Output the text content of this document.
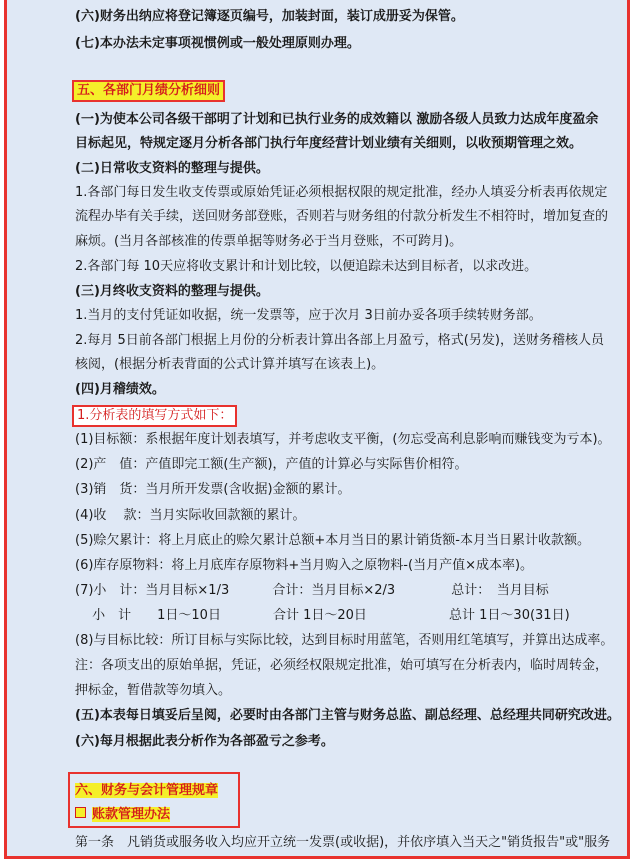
(六)财务出纳应将登记簿逐页编号，加装封面，装订成册妥为保管。
(七)本办法未定事项视惯例或一般处理原则办理。
五、各部门月绩分析细则
(一)为使本公司各级干部明了计划和已执行业务的成效籍以 激励各级人员致力达成年度盈余
目标起见，特规定逐月分析各部门执行年度经营计划业绩有关细则，以收预期管理之效。
(二)日常收支资料的整理与提供。
1.各部门每日发生收支传票或原始凭证必须根据权限的规定批准，经办人填妥分析表再依规定
流程办毕有关手续，送回财务部登账，否则若与财务组的付款分析发生不相符时，增加复查的
麻烦。(当月各部核准的传票单据等财务必于当月登账，不可跨月)。
2.各部门每 10天应将收支累计和计划比较，以便追踪未达到目标者，以求改进。
(三)月终收支资料的整理与提供。
1.当月的支付凭证如收据，统一发票等，应于次月 3日前办妥各项手续转财务部。
2.每月 5日前各部门根据上月份的分析表计算出各部上月盈亏，格式(另发)，送财务稽核人员
核阅，(根据分析表背面的公式计算并填写在该表上)。
(四)月稽绩效。
1.分析表的填写方式如下：
(1)目标额：系根据年度计划表填写，并考虑收支平衡，(勿忘受高利息影响而赚钱变为亏本)。
(2)产　值：产值即完工额(生产额)，产值的计算必与实际售价相符。
(3)销　货：当月所开发票(含收据)金额的累计。
(4)收　 款：当月实际收回款额的累计。
(5)赊欠累计：将上月底止的赊欠累计总额+本月当日的累计销货额-本月当日累计收款额。
(6)库存原物料：将上月底库存原物料+当月购入之原物料-(当月产值×成本率)。
(7)小　计：当月目标×1/3　　　 合计：当月目标×2/3　　　　 总计：　当月目标
　 小　计　　1日～10日　　　　合计 1日～20日　　　　　　 总计 1日～30(31日)
(8)与目标比较：所订目标与实际比较，达到目标时用蓝笔，否则用红笔填写，并算出达成率。
注：各项支出的原始单据，凭证，必须经权限规定批准，始可填写在分析表内，临时周转金，
押标金，暂借款等勿填入。
(五)本表每日填妥后呈阅，必要时由各部门主管与财务总监、副总经理、总经理共同研究改进。
(六)每月根据此表分析作为各部盈亏之参考。
六、财务与会计管理规章
账款管理办法
第一条　凡销货或服务收入均应开立统一发票(或收据)，并依序填入当天之"销货报告"或"服务
